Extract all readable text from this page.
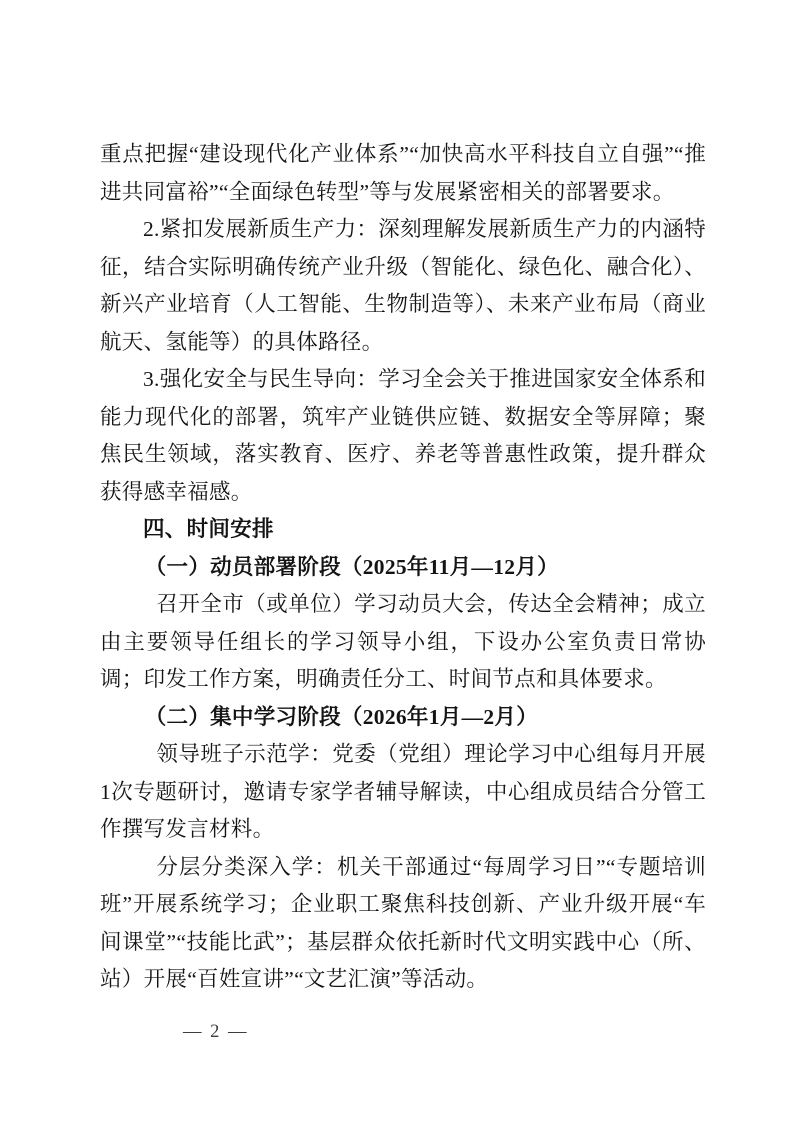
重点把握“建设现代化产业体系”“加快高水平科技自立自强”“推进共同富裕”“全面绿色转型”等与发展紧密相关的部署要求。

2.紧扣发展新质生产力：深刻理解发展新质生产力的内涵特征，结合实际明确传统产业升级（智能化、绿色化、融合化）、新兴产业培育（人工智能、生物制造等）、未来产业布局（商业航天、氢能等）的具体路径。

3.强化安全与民生导向：学习全会关于推进国家安全体系和能力现代化的部署，筑牢产业链供应链、数据安全等屏障；聚焦民生领域，落实教育、医疗、养老等普惠性政策，提升群众获得感幸福感。

四、时间安排

（一）动员部署阶段（2025年11月—12月）

召开全市（或单位）学习动员大会，传达全会精神；成立由主要领导任组长的学习领导小组，下设办公室负责日常协调；印发工作方案，明确责任分工、时间节点和具体要求。

（二）集中学习阶段（2026年1月—2月）

领导班子示范学：党委（党组）理论学习中心组每月开展1次专题研讨，邀请专家学者辅导解读，中心组成员结合分管工作撰写发言材料。

分层分类深入学：机关干部通过“每周学习日”“专题培训班”开展系统学习；企业职工聚焦科技创新、产业升级开展“车间课堂”“技能比武”；基层群众依托新时代文明实践中心（所、站）开展“百姓宣讲”“文艺汇演”等活动。

— 2 —
